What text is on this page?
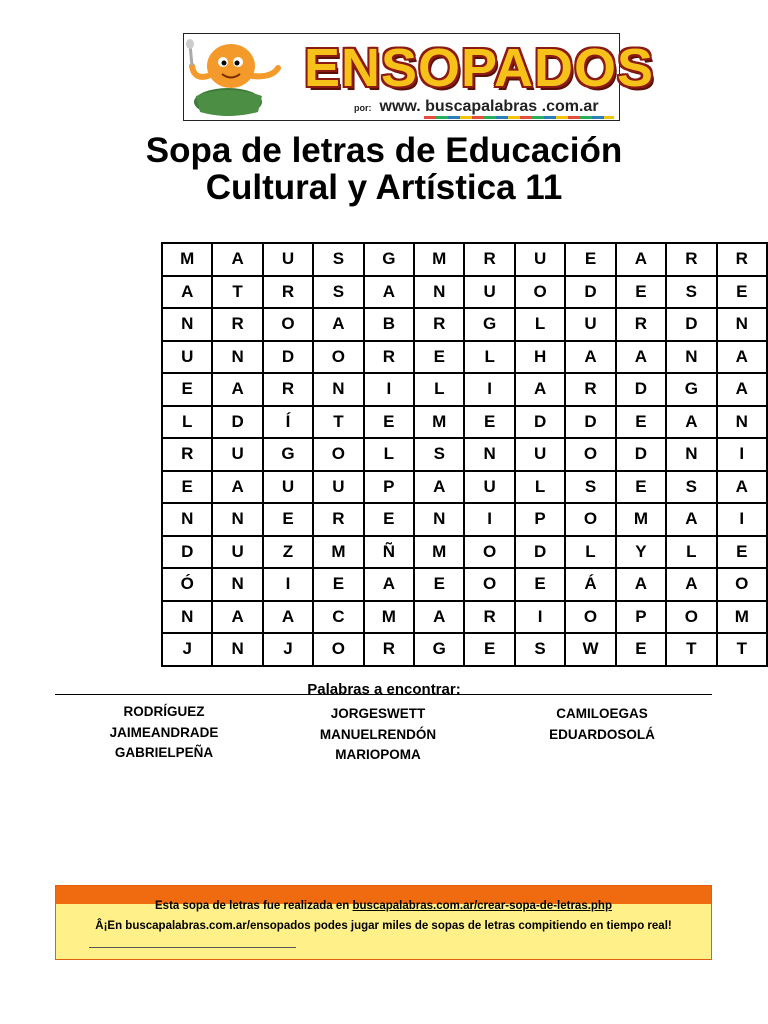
ENSOPADOS
por: www. buscapalabras .com.ar
Sopa de letras de Educación
Cultural y Artística 11
M	A	U	S	G	M	R	U	E	A	R	R
A	T	R	S	A	N	U	O	D	E	S	E
N	R	O	A	B	R	G	L	U	R	D	N
U	N	D	O	R	E	L	H	A	A	N	A
E	A	R	N	I	L	I	A	R	D	G	A
L	D	Í	T	E	M	E	D	D	E	A	N
R	U	G	O	L	S	N	U	O	D	N	I
E	A	U	U	P	A	U	L	S	E	S	A
N	N	E	R	E	N	I	P	O	M	A	I
D	U	Z	M	Ñ	M	O	D	L	Y	L	E
Ó	N	I	E	A	E	O	E	Á	A	A	O
N	A	A	C	M	A	R	I	O	P	O	M
J	N	J	O	R	G	E	S	W	E	T	T
Palabras a encontrar:
RODRÍGUEZ
JAIMEANDRADE
GABRIELPEÑA
JORGESWETT
MANUELRENDÓN
MARIOPOMA
CAMILOEGAS
EDUARDOSOLÁ
Esta sopa de letras fue realizada en buscapalabras.com.ar/crear-sopa-de-letras.php
Â¡En buscapalabras.com.ar/ensopados podes jugar miles de sopas de letras compitiendo en tiempo real!
